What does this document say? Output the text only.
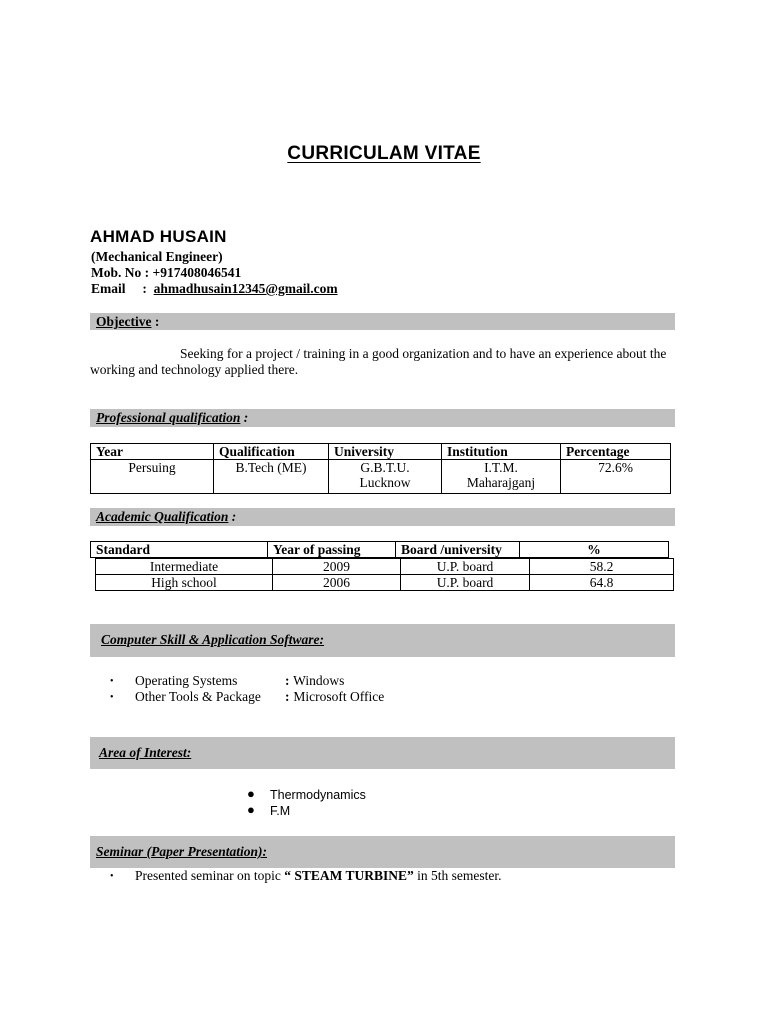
CURRICULAM VITAE
AHMAD HUSAIN
(Mechanical Engineer)
Mob. No : +917408046541
Email     :  ahmadhusain12345@gmail.com
Objective :
Seeking for a project / training in a good organization and to have an experience about the working and technology applied there.
Professional qualification :
Year	Qualification	University	Institution	Percentage
Persuing	B.Tech (ME)	G.B.T.U. Lucknow	I.T.M. Maharajganj	72.6%
Academic Qualification :
Standard	Year of passing	Board /university	%
Intermediate	2009	U.P. board	58.2
High school	2006	U.P. board	64.8
Computer Skill & Application Software:
• Operating Systems	: Windows
• Other Tools & Package : Microsoft Office
Area of Interest:
● Thermodynamics
● F.M
Seminar (Paper Presentation):
• Presented seminar on topic “ STEAM TURBINE” in 5th semester.
